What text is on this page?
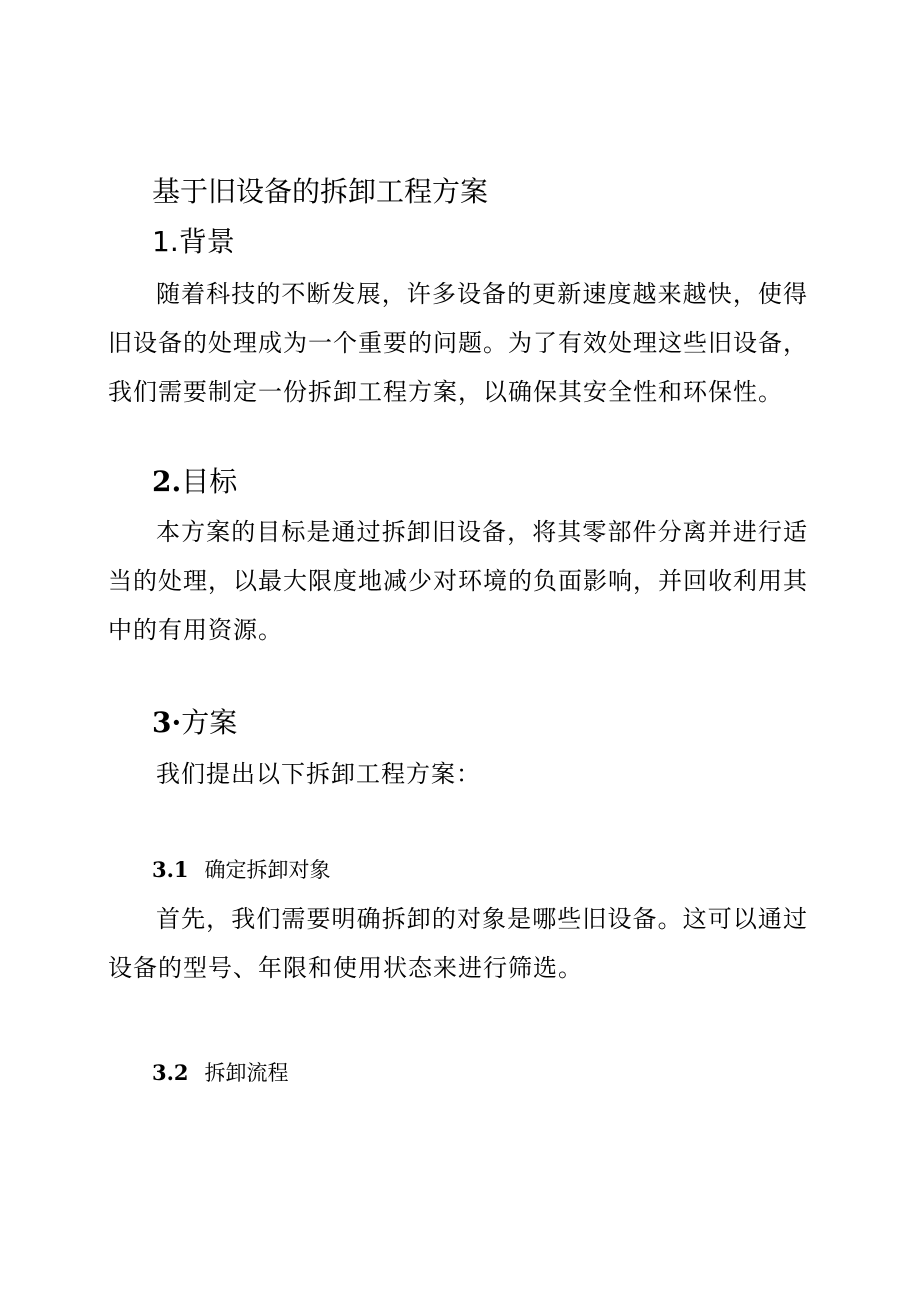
基于旧设备的拆卸工程方案
1.背景

随着科技的不断发展，许多设备的更新速度越来越快，使得旧设备的处理成为一个重要的问题。为了有效处理这些旧设备，我们需要制定一份拆卸工程方案，以确保其安全性和环保性。

2.目标

本方案的目标是通过拆卸旧设备，将其零部件分离并进行适当的处理，以最大限度地减少对环境的负面影响，并回收利用其中的有用资源。

3·方案

我们提出以下拆卸工程方案：

3.1 确定拆卸对象

首先，我们需要明确拆卸的对象是哪些旧设备。这可以通过设备的型号、年限和使用状态来进行筛选。

3.2 拆卸流程
